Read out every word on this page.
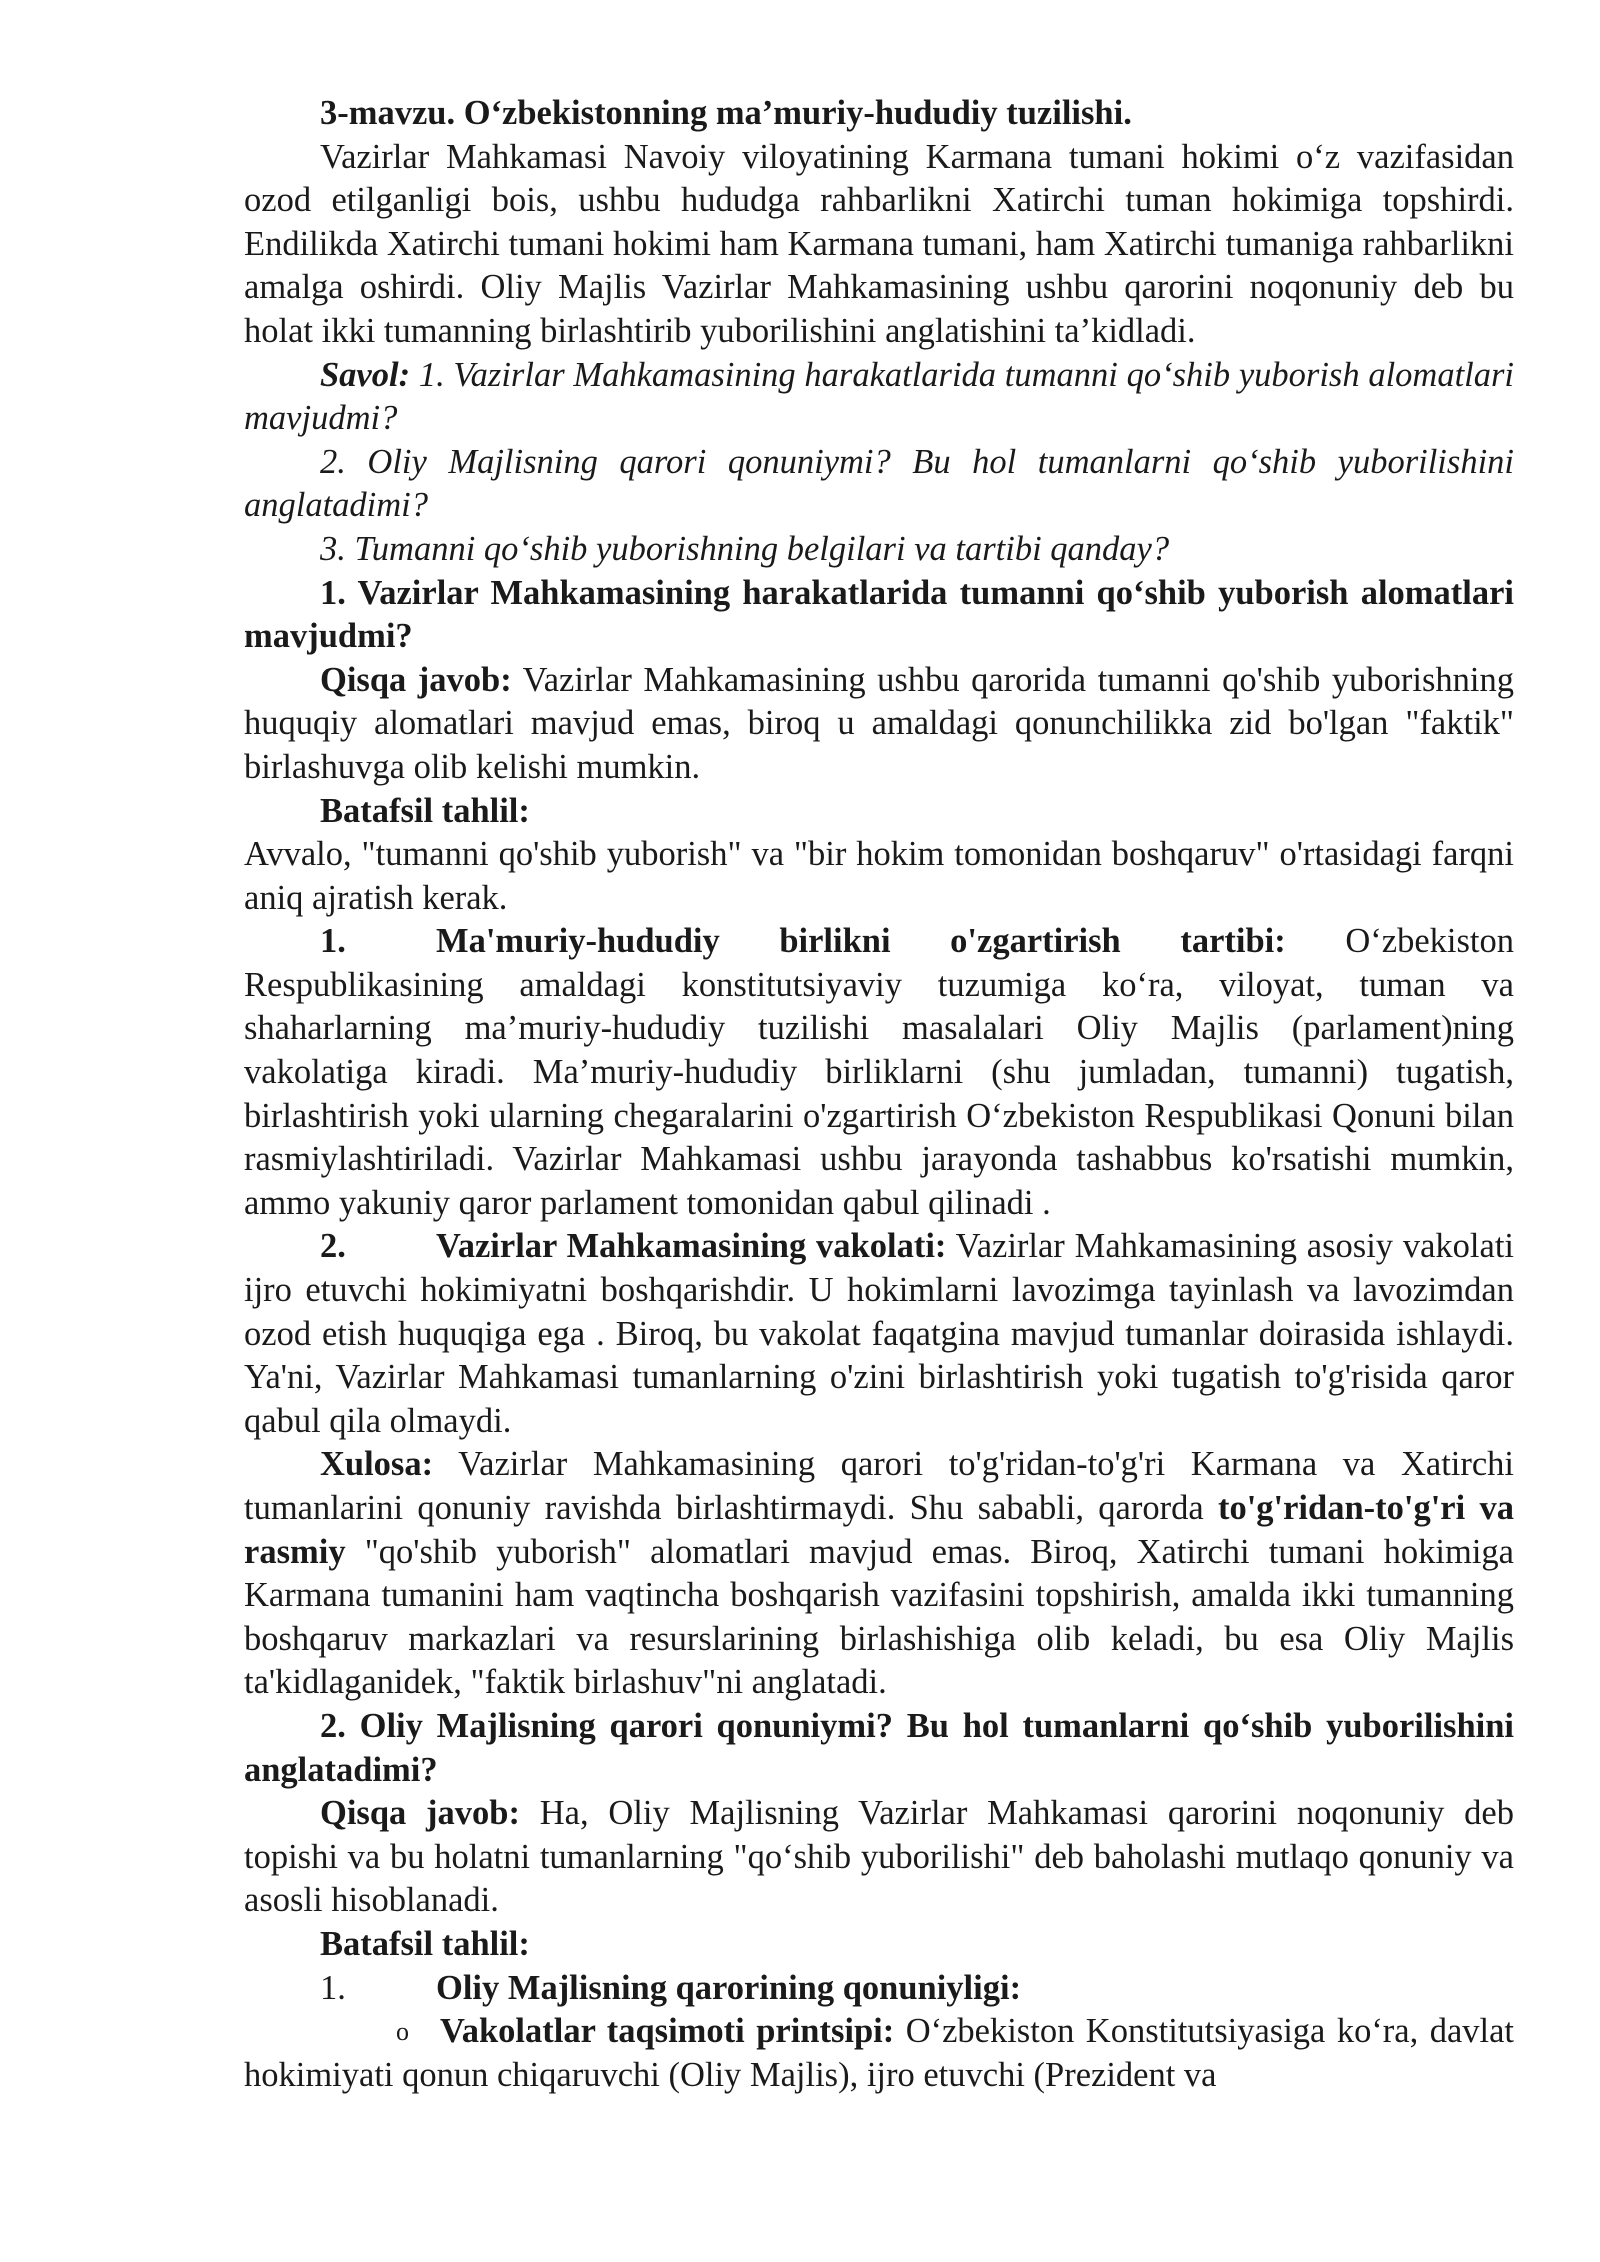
3-mavzu. O‘zbekistonning ma’muriy-hududiy tuzilishi.

Vazirlar Mahkamasi Navoiy viloyatining Karmana tumani hokimi o‘z vazifasidan ozod etilganligi bois, ushbu hududga rahbarlikni Xatirchi tuman hokimiga topshirdi. Endilikda Xatirchi tumani hokimi ham Karmana tumani, ham Xatirchi tumaniga rahbarlikni amalga oshirdi. Oliy Majlis Vazirlar Mahkamasining ushbu qarorini noqonuniy deb bu holat ikki tumanning birlashtirib yuborilishini anglatishini ta’kidladi.

Savol: 1. Vazirlar Mahkamasining harakatlarida tumanni qo‘shib yuborish alomatlari mavjudmi?

2. Oliy Majlisning qarori qonuniymi? Bu hol tumanlarni qo‘shib yuborilishini anglatadimi?

3. Tumanni qo‘shib yuborishning belgilari va tartibi qanday?

1. Vazirlar Mahkamasining harakatlarida tumanni qo‘shib yuborish alomatlari mavjudmi?

Qisqa javob: Vazirlar Mahkamasining ushbu qarorida tumanni qo'shib yuborishning huquqiy alomatlari mavjud emas, biroq u amaldagi qonunchilikka zid bo'lgan "faktik" birlashuvga olib kelishi mumkin.

Batafsil tahlil:

Avvalo, "tumanni qo'shib yuborish" va "bir hokim tomonidan boshqaruv" o'rtasidagi farqni aniq ajratish kerak.

1.	Ma'muriy-hududiy birlikni o'zgartirish tartibi: O‘zbekiston Respublikasining amaldagi konstitutsiyaviy tuzumiga ko‘ra, viloyat, tuman va shaharlarning ma’muriy-hududiy tuzilishi masalalari Oliy Majlis (parlament)ning vakolatiga kiradi. Ma’muriy-hududiy birliklarni (shu jumladan, tumanni) tugatish, birlashtirish yoki ularning chegaralarini o'zgartirish O‘zbekiston Respublikasi Qonuni bilan rasmiylashtiriladi. Vazirlar Mahkamasi ushbu jarayonda tashabbus ko'rsatishi mumkin, ammo yakuniy qaror parlament tomonidan qabul qilinadi .

2.	Vazirlar Mahkamasining vakolati: Vazirlar Mahkamasining asosiy vakolati ijro etuvchi hokimiyatni boshqarishdir. U hokimlarni lavozimga tayinlash va lavozimdan ozod etish huquqiga ega . Biroq, bu vakolat faqatgina mavjud tumanlar doirasida ishlaydi. Ya'ni, Vazirlar Mahkamasi tumanlarning o'zini birlashtirish yoki tugatish to'g'risida qaror qabul qila olmaydi.

Xulosa: Vazirlar Mahkamasining qarori to'g'ridan-to'g'ri Karmana va Xatirchi tumanlarini qonuniy ravishda birlashtirmaydi. Shu sababli, qarorda to'g'ridan-to'g'ri va rasmiy "qo'shib yuborish" alomatlari mavjud emas. Biroq, Xatirchi tumani hokimiga Karmana tumanini ham vaqtincha boshqarish vazifasini topshirish, amalda ikki tumanning boshqaruv markazlari va resurslarining birlashishiga olib keladi, bu esa Oliy Majlis ta'kidlaganidek, "faktik birlashuv"ni anglatadi.

2. Oliy Majlisning qarori qonuniymi? Bu hol tumanlarni qo‘shib yuborilishini anglatadimi?

Qisqa javob: Ha, Oliy Majlisning Vazirlar Mahkamasi qarorini noqonuniy deb topishi va bu holatni tumanlarning "qo‘shib yuborilishi" deb baholashi mutlaqo qonuniy va asosli hisoblanadi.

Batafsil tahlil:

1.	Oliy Majlisning qarorining qonuniyligi:

o Vakolatlar taqsimoti printsipi: O‘zbekiston Konstitutsiyasiga ko‘ra, davlat hokimiyati qonun chiqaruvchi (Oliy Majlis), ijro etuvchi (Prezident va
